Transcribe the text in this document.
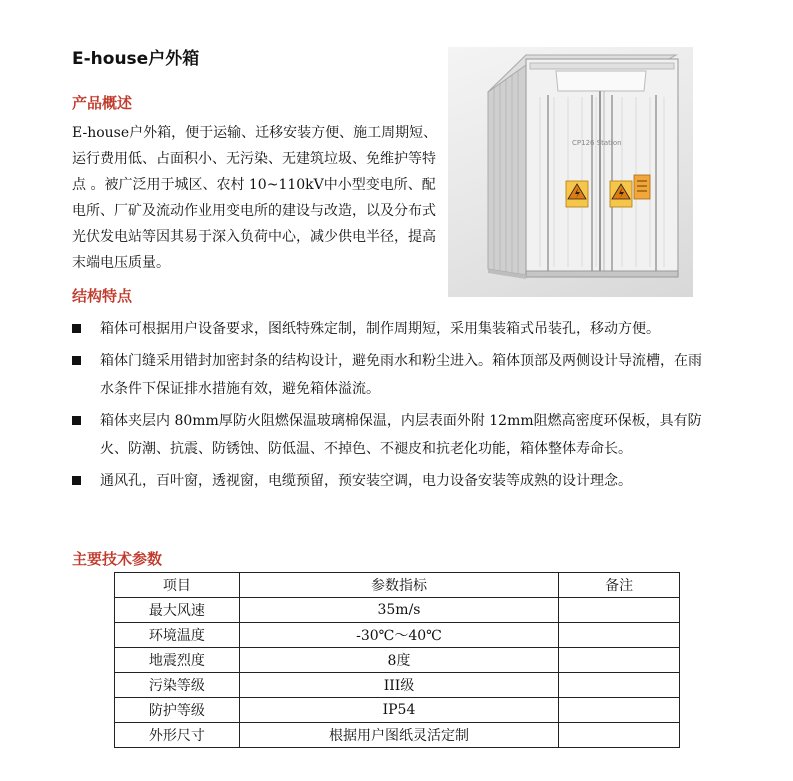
E-house户外箱
产品概述

E-house户外箱，便于运输、迁移安装方便、施工周期短、运行费用低、占面积小、无污染、无建筑垃圾、免维护等特点 。被广泛用于城区、农村 10~110kV中小型变电所、配电所、厂矿及流动作业用变电所的建设与改造，以及分布式光伏发电站等因其易于深入负荷中心，减少供电半径，提高末端电压质量。

CP126 Station
结构特点
箱体可根据用户设备要求，图纸特殊定制，制作周期短，采用集装箱式吊装孔，移动方便。
箱体门缝采用错封加密封条的结构设计，避免雨水和粉尘进入。箱体顶部及两侧设计导流槽，在雨水条件下保证排水措施有效，避免箱体溢流。
箱体夹层内 80mm厚防火阻燃保温玻璃棉保温，内层表面外附 12mm阻燃高密度环保板，具有防火、防潮、抗震、防锈蚀、防低温、不掉色、不褪皮和抗老化功能，箱体整体寿命长。
通风孔，百叶窗，透视窗，电缆预留，预安装空调，电力设备安装等成熟的设计理念。
主要技术参数
项目	参数指标	备注
最大风速	35m/s	
环境温度	-30℃～40℃	
地震烈度	8度	
污染等级	III级	
防护等级	IP54	
外形尺寸	根据用户图纸灵活定制	
